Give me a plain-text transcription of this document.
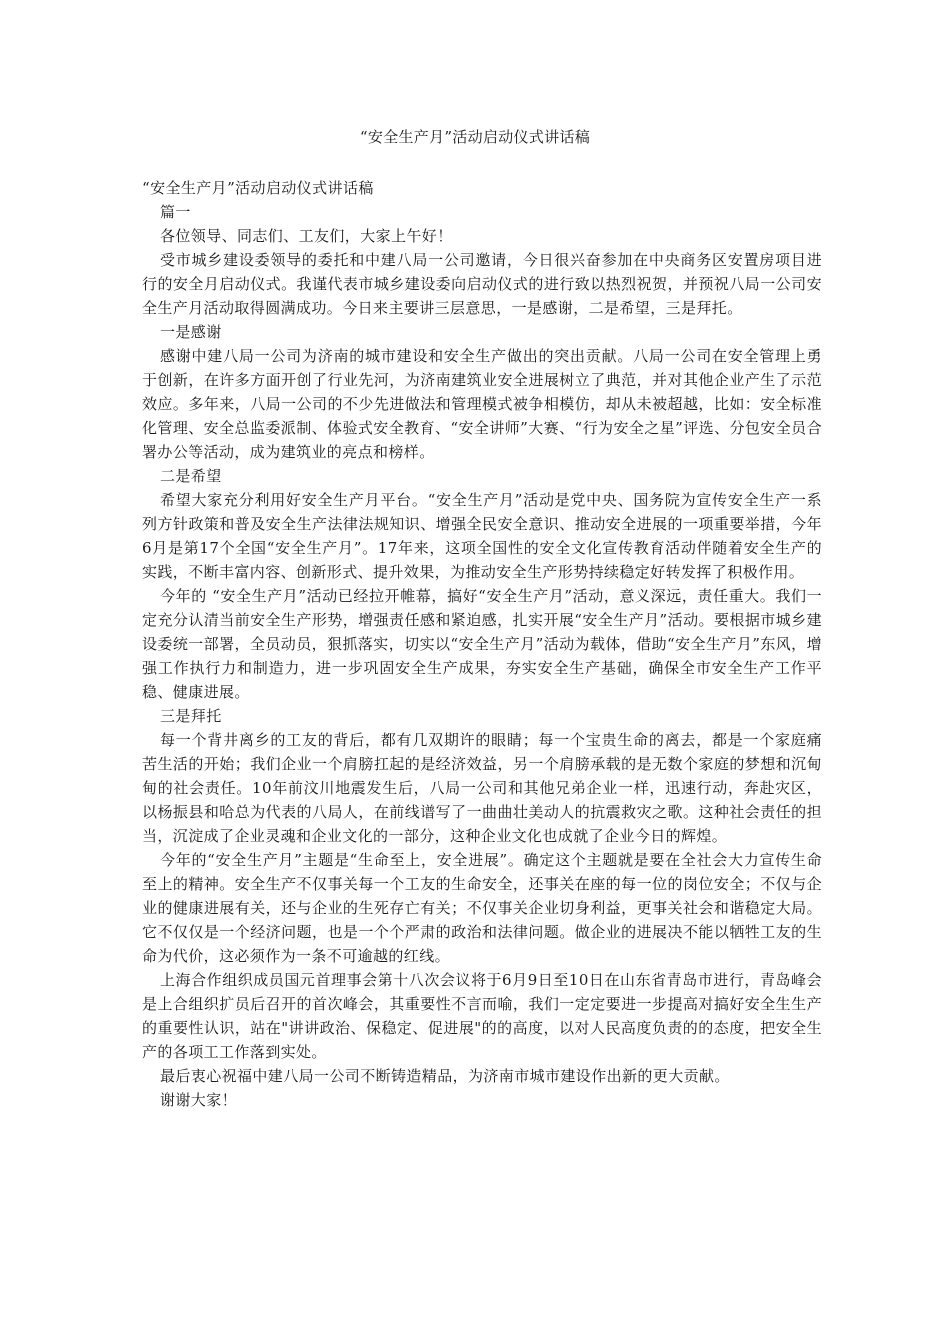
“安全生产月”活动启动仪式讲话稿

“安全生产月”活动启动仪式讲话稿

篇一

各位领导、同志们、工友们，大家上午好！

受市城乡建设委领导的委托和中建八局一公司邀请，今日很兴奋参加在中央商务区安置房项目进行的安全月启动仪式。我谨代表市城乡建设委向启动仪式的进行致以热烈祝贺，并预祝八局一公司安全生产月活动取得圆满成功。今日来主要讲三层意思，一是感谢，二是希望，三是拜托。

一是感谢

感谢中建八局一公司为济南的城市建设和安全生产做出的突出贡献。八局一公司在安全管理上勇于创新，在许多方面开创了行业先河，为济南建筑业安全进展树立了典范，并对其他企业产生了示范效应。多年来，八局一公司的不少先进做法和管理模式被争相模仿，却从未被超越，比如：安全标准化管理、安全总监委派制、体验式安全教育、“安全讲师”大赛、“行为安全之星”评选、分包安全员合署办公等活动，成为建筑业的亮点和榜样。

二是希望

希望大家充分利用好安全生产月平台。“安全生产月”活动是党中央、国务院为宣传安全生产一系列方针政策和普及安全生产法律法规知识、增强全民安全意识、推动安全进展的一项重要举措，今年6月是第17个全国“安全生产月”。17年来，这项全国性的安全文化宣传教育活动伴随着安全生产的实践，不断丰富内容、创新形式、提升效果，为推动安全生产形势持续稳定好转发挥了积极作用。

今年的 “安全生产月”活动已经拉开帷幕，搞好“安全生产月”活动，意义深远，责任重大。我们一定充分认清当前安全生产形势，增强责任感和紧迫感，扎实开展“安全生产月”活动。要根据市城乡建设委统一部署，全员动员，狠抓落实，切实以“安全生产月”活动为载体，借助“安全生产月”东风，增强工作执行力和制造力，进一步巩固安全生产成果，夯实安全生产基础，确保全市安全生产工作平稳、健康进展。

三是拜托

每一个背井离乡的工友的背后，都有几双期许的眼睛；每一个宝贵生命的离去，都是一个家庭痛苦生活的开始；我们企业一个肩膀扛起的是经济效益，另一个肩膀承载的是无数个家庭的梦想和沉甸甸的社会责任。10年前汶川地震发生后，八局一公司和其他兄弟企业一样，迅速行动，奔赴灾区，以杨振县和哈总为代表的八局人，在前线谱写了一曲曲壮美动人的抗震救灾之歌。这种社会责任的担当，沉淀成了企业灵魂和企业文化的一部分，这种企业文化也成就了企业今日的辉煌。

今年的“安全生产月”主题是“生命至上，安全进展”。确定这个主题就是要在全社会大力宣传生命至上的精神。安全生产不仅事关每一个工友的生命安全，还事关在座的每一位的岗位安全；不仅与企业的健康进展有关，还与企业的生死存亡有关；不仅事关企业切身利益，更事关社会和谐稳定大局。它不仅仅是一个经济问题，也是一个个严肃的政治和法律问题。做企业的进展决不能以牺牲工友的生命为代价，这必须作为一条不可逾越的红线。

上海合作组织成员国元首理事会第十八次会议将于6月9日至10日在山东省青岛市进行，青岛峰会是上合组织扩员后召开的首次峰会，其重要性不言而喻，我们一定定要进一步提高对搞好安全生生产的重要性认识，站在"讲讲政治、保稳定、促进展"的的高度，以对人民高度负责的的态度，把安全生产的各项工工作落到实处。

最后衷心祝福中建八局一公司不断铸造精品，为济南市城市建设作出新的更大贡献。

谢谢大家！
